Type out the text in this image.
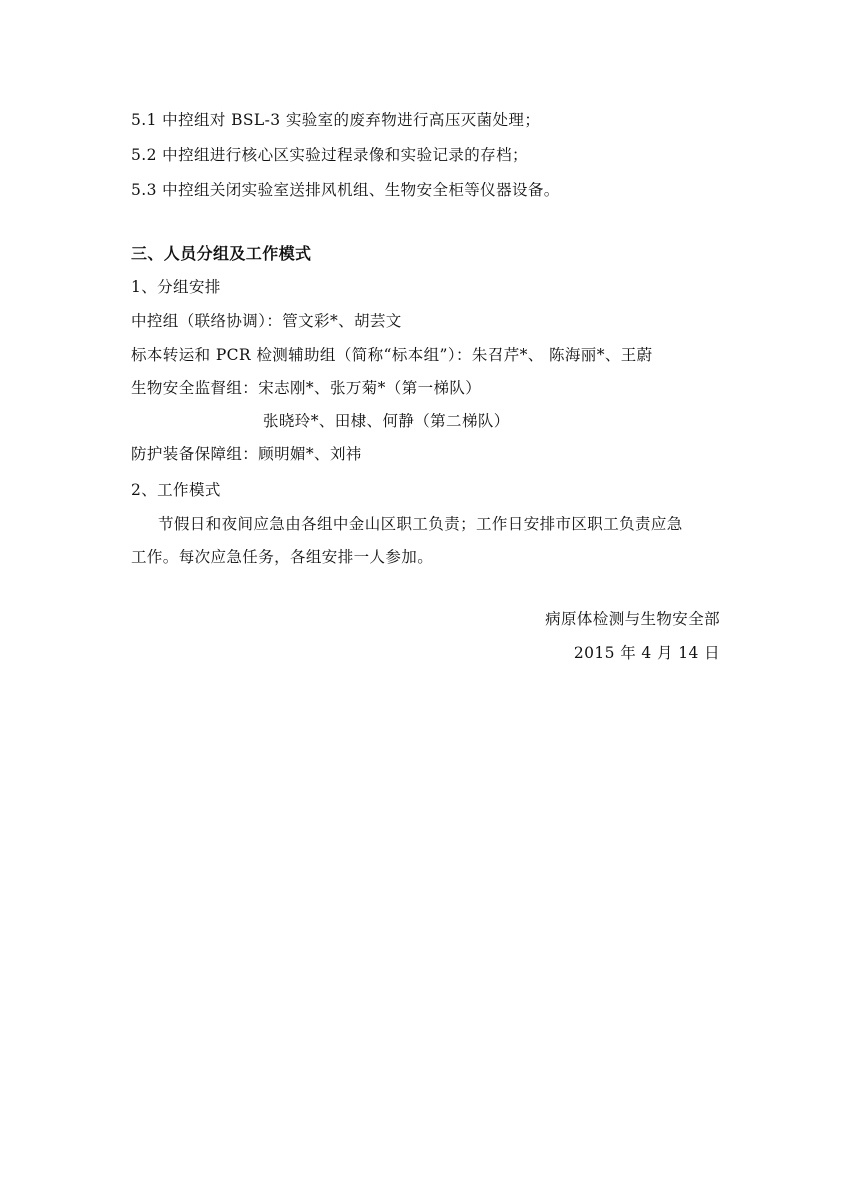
5.1 中控组对 BSL-3 实验室的废弃物进行高压灭菌处理；
5.2 中控组进行核心区实验过程录像和实验记录的存档；
5.3 中控组关闭实验室送排风机组、生物安全柜等仪器设备。
三、人员分组及工作模式
1、分组安排
中控组（联络协调）：管文彩*、胡芸文
标本转运和 PCR 检测辅助组（简称“标本组”）：朱召芹*、 陈海丽*、王蔚
生物安全监督组：宋志刚*、张万菊*（第一梯队）
张晓玲*、田棣、何静（第二梯队）
防护装备保障组：顾明媚*、刘祎
2、工作模式
节假日和夜间应急由各组中金山区职工负责；工作日安排市区职工负责应急
工作。每次应急任务，各组安排一人参加。
病原体检测与生物安全部
2015 年 4 月 14 日
